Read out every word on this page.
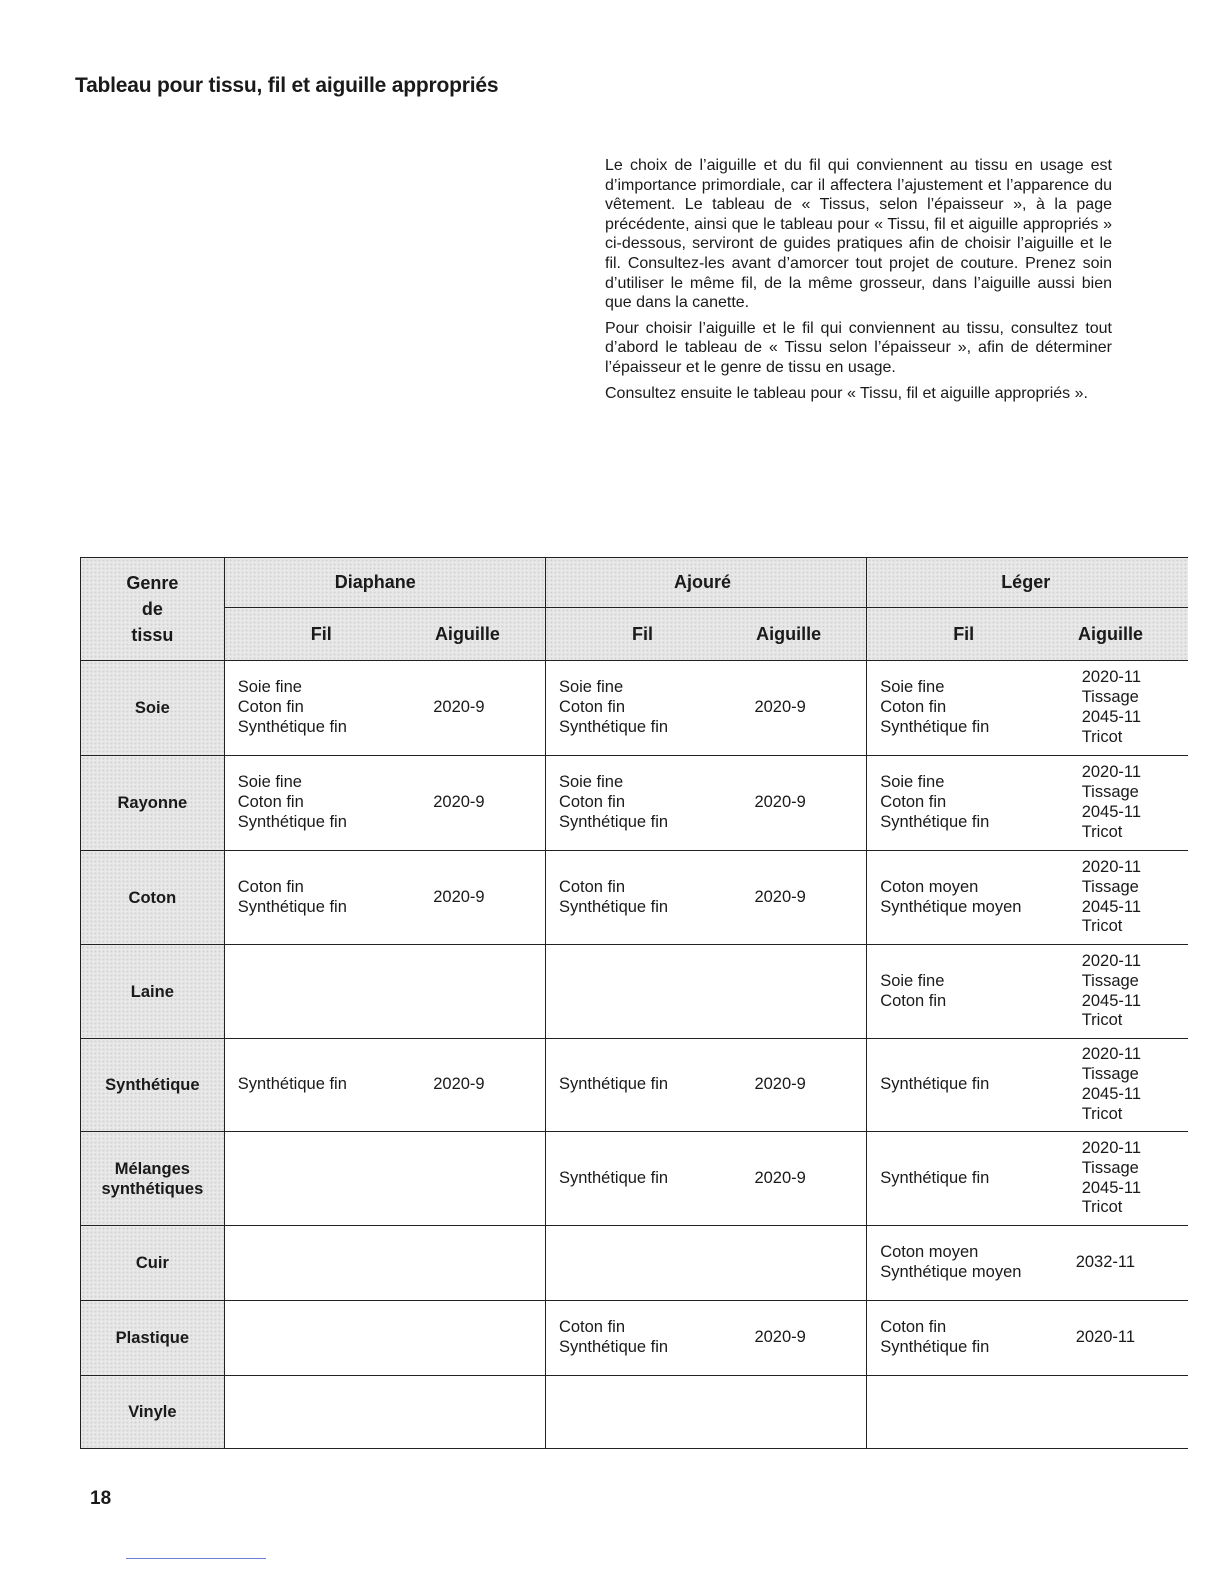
Tableau pour tissu, fil et aiguille appropriés

Le choix de l’aiguille et du fil qui conviennent au tissu en usage est d’importance primordiale, car il affectera l’ajustement et l’apparence du vêtement. Le tableau de « Tissus, selon l’épaisseur », à la page précédente, ainsi que le tableau pour « Tissu, fil et aiguille appropriés » ci-dessous, serviront de guides pratiques afin de choisir l’aiguille et le fil. Consultez-les avant d’amorcer tout projet de couture. Prenez soin d’utiliser le même fil, de la même grosseur, dans l’aiguille aussi bien que dans la canette.

Pour choisir l’aiguille et le fil qui conviennent au tissu, consultez tout d’abord le tableau de « Tissu selon l’épaisseur », afin de déterminer l’épaisseur et le genre de tissu en usage.

Consultez ensuite le tableau pour « Tissu, fil et aiguille appropriés ».

Genre
de
tissu	Diaphane		Ajouré		Léger	

	Fil Aiguille		Fil Aiguille		Fil Aiguille	

Soie	Soie fine
Coton fin
Synthétique fin	2020-9	Soie fine
Coton fin
Synthétique fin	2020-9	Soie fine
Coton fin
Synthétique fin	2020-11
Tissage
2045-11
Tricot

Rayonne	Soie fine
Coton fin
Synthétique fin	2020-9	Soie fine
Coton fin
Synthétique fin	2020-9	Soie fine
Coton fin
Synthétique fin	2020-11
Tissage
2045-11
Tricot

Coton	Coton fin
Synthétique fin	2020-9	Coton fin
Synthétique fin	2020-9	Coton moyen
Synthétique moyen	2020-11
Tissage
2045-11
Tricot

Laine					Soie fine
Coton fin	2020-11
Tissage
2045-11
Tricot

Synthétique	Synthétique fin	2020-9	Synthétique fin	2020-9	Synthétique fin	2020-11
Tissage
2045-11
Tricot

Mélanges
synthétiques			Synthétique fin	2020-9	Synthétique fin	2020-11
Tissage
2045-11
Tricot

Cuir					Coton moyen
Synthétique moyen	2032-11

Plastique			Coton fin
Synthétique fin	2020-9	Coton fin
Synthétique fin	2020-11

Vinyle						

18
